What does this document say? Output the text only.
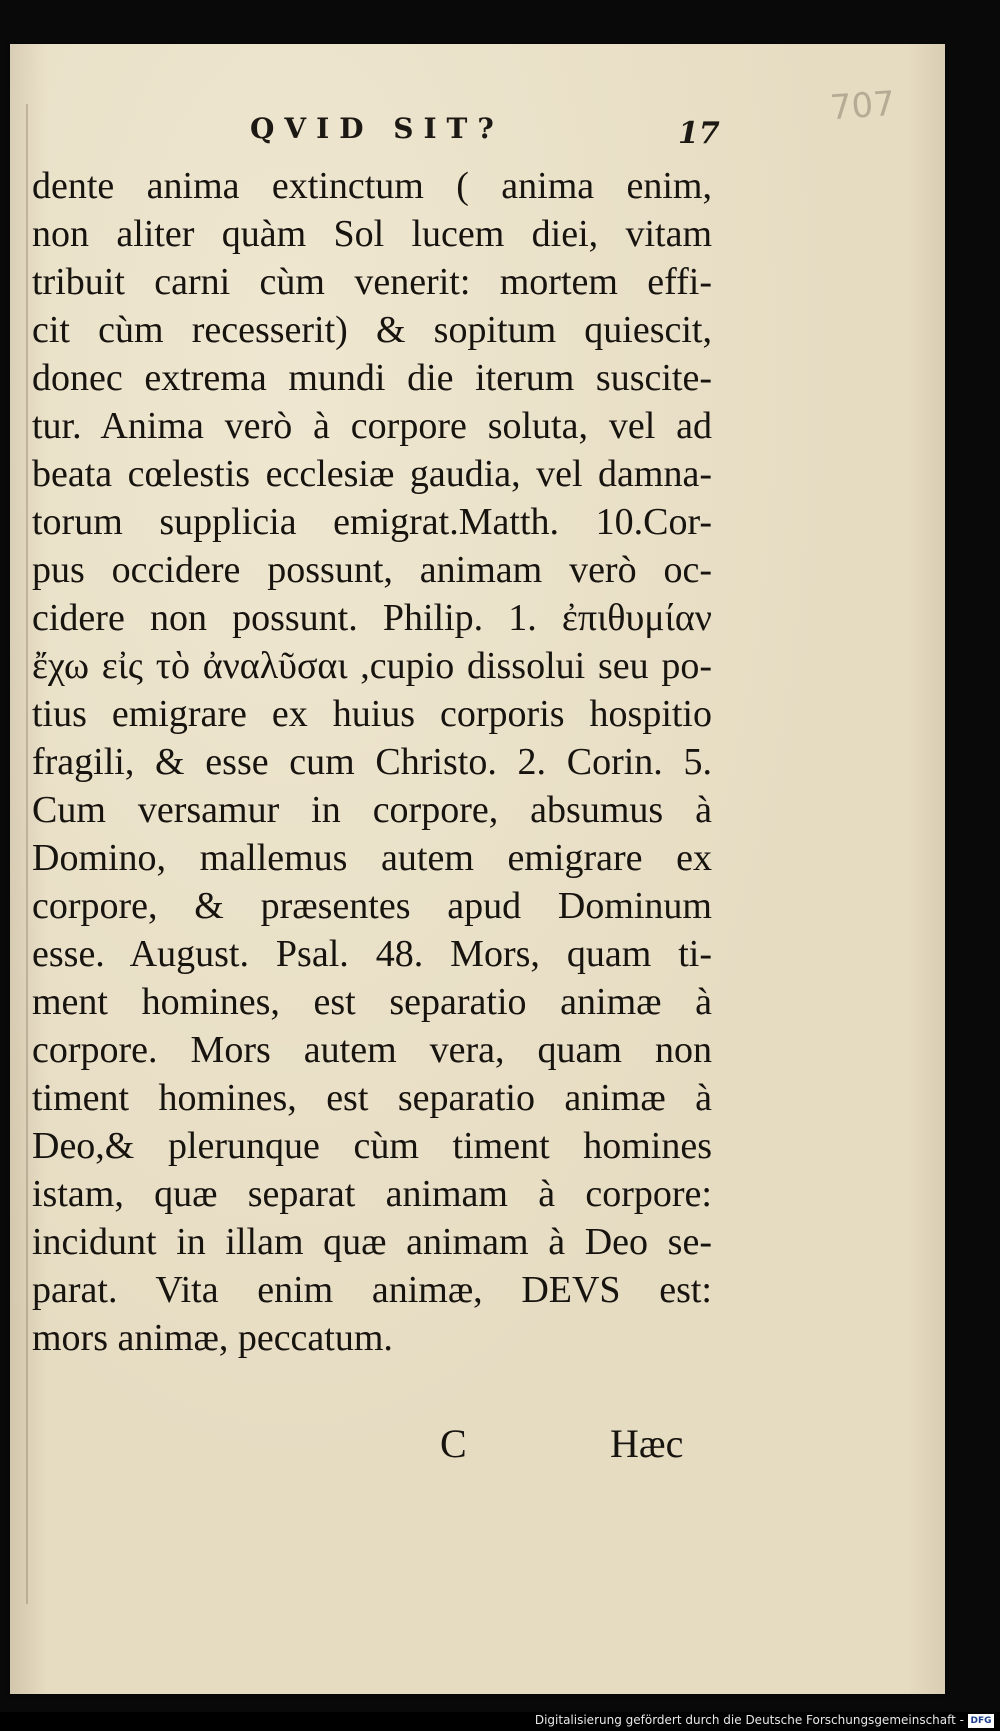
QVID SIT?	17
707
dente anima extinctum ( anima enim,
non aliter quàm Sol lucem diei, vitam
tribuit carni cùm venerit: mortem effi-
cit cùm recesserit) & sopitum quiescit,
donec extrema mundi die iterum suscite-
tur. Anima verò à corpore soluta, vel ad
beata cœlestis ecclesiæ gaudia, vel damna-
torum supplicia emigrat.Matth. 10.Cor-
pus occidere possunt, animam verò oc-
cidere non possunt. Philip. 1. ἐπιθυμίαν
ἔχω εἰς τὸ ἀναλῦσαι ,cupio dissolui seu po-
tius emigrare ex huius corporis hospitio
fragili, & esse cum Christo. 2. Corin. 5.
Cum versamur in corpore, absumus à
Domino, mallemus autem emigrare ex
corpore, & præsentes apud Dominum
esse. August. Psal. 48. Mors, quam ti-
ment homines, est separatio animæ à
corpore. Mors autem vera, quam non
timent homines, est separatio animæ à
Deo,& plerunque cùm timent homines
istam, quæ separat animam à corpore:
incidunt in illam quæ animam à Deo se-
parat. Vita enim animæ, DEVS est:
mors animæ, peccatum.
C	Hæc
Digitalisierung gefördert durch die Deutsche Forschungsgemeinschaft - DFG
